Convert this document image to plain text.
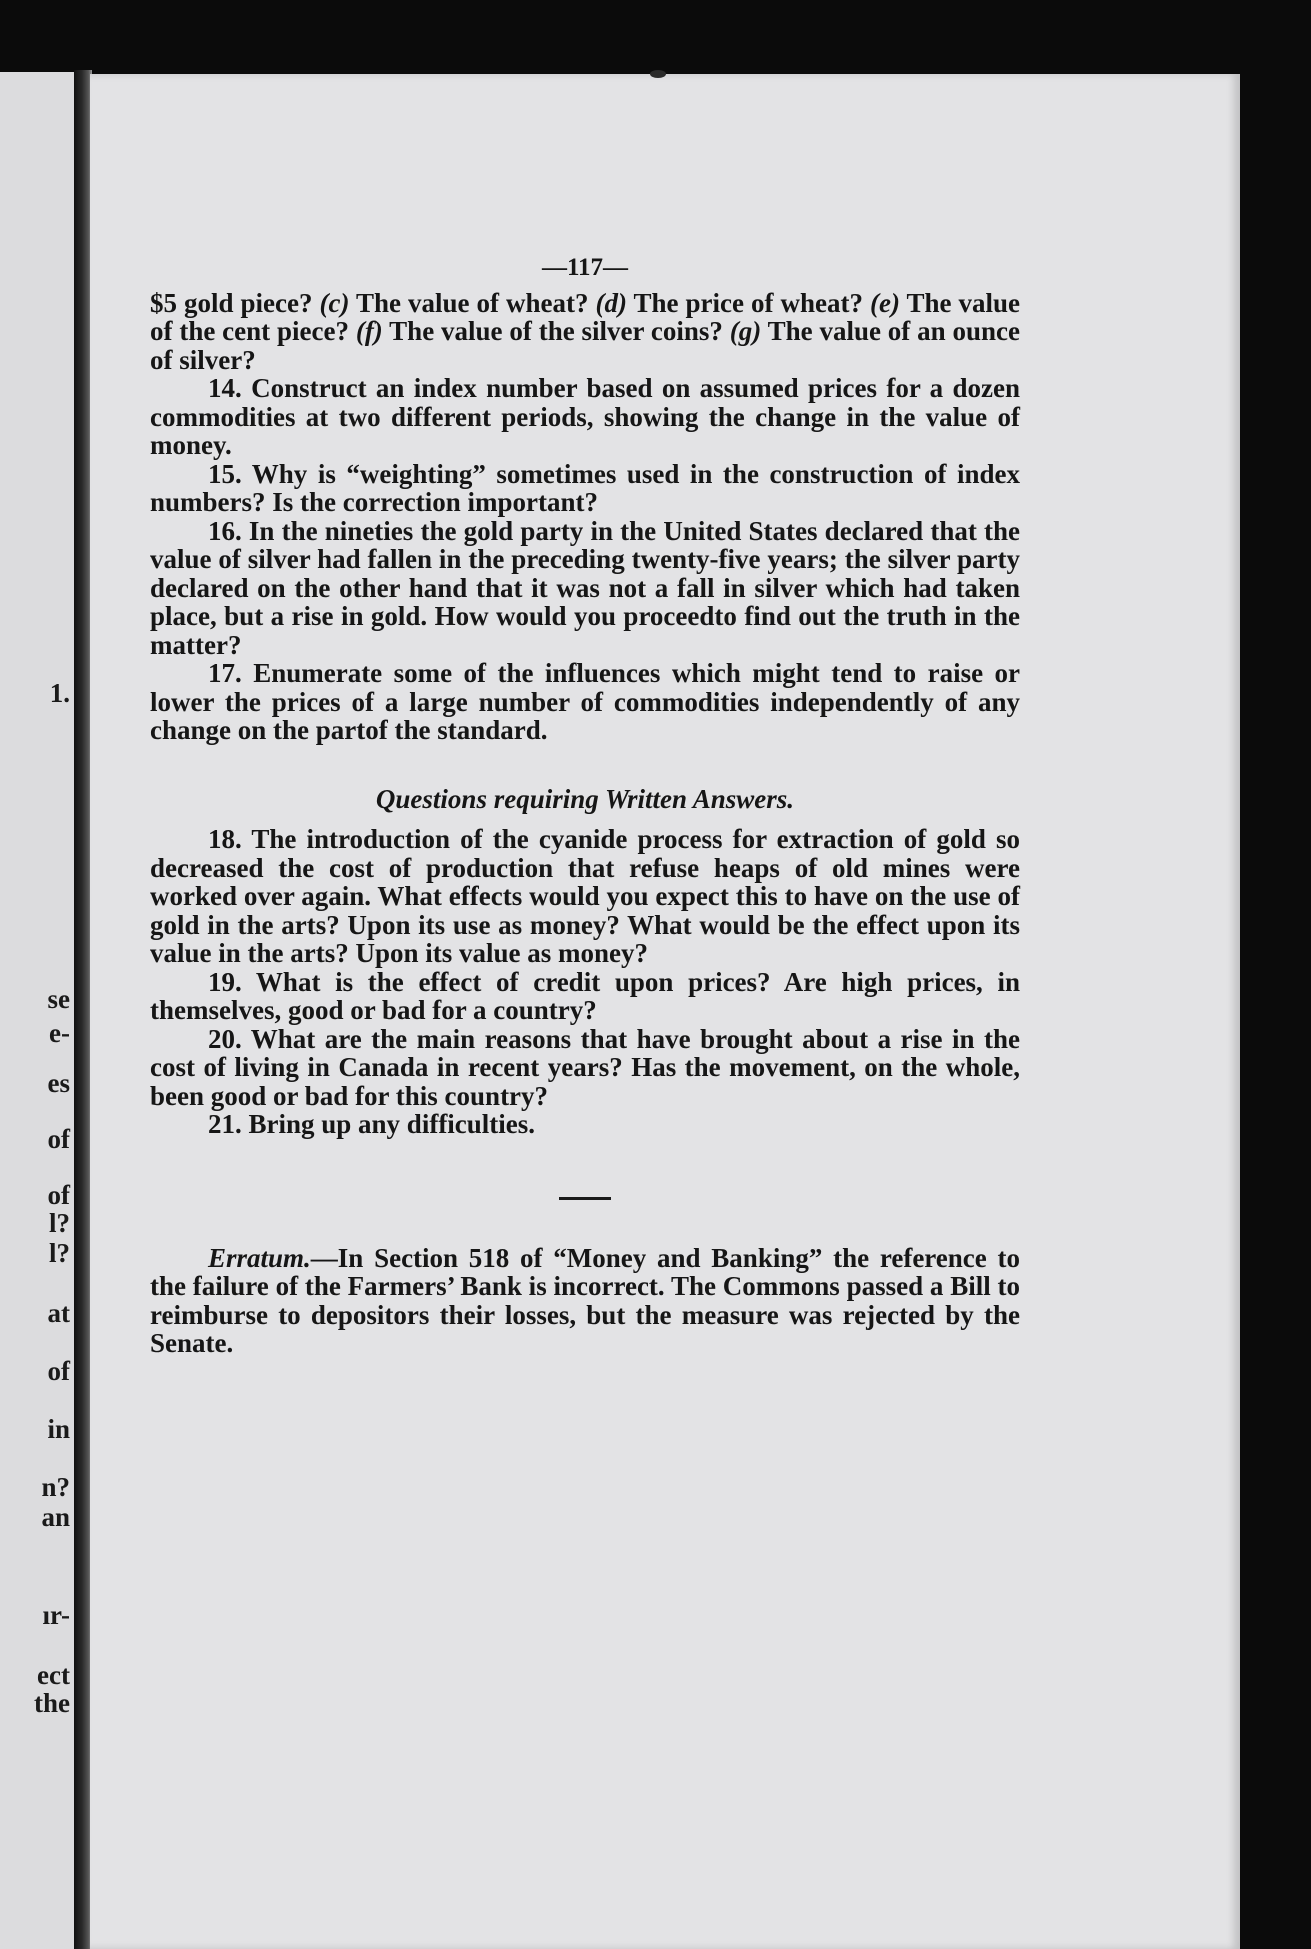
1.
se
e-
es
of
of
l?
l?
at
of
in
n?
an
ır-
ect
the
—117—

$5 gold piece? (c) The value of wheat? (d) The price of wheat? (e) The value of the cent piece? (f) The value of the silver coins? (g) The value of an ounce of silver?

14. Construct an index number based on assumed prices for a dozen commodities at two different periods, showing the change in the value of money.

15. Why is “weighting” sometimes used in the construction of index numbers? Is the correction important?

16. In the nineties the gold party in the United States declared that the value of silver had fallen in the preceding twenty-five years; the silver party declared on the other hand that it was not a fall in silver which had taken place, but a rise in gold. How would you proceedto find out the truth in the matter?

17. Enumerate some of the influences which might tend to raise or lower the prices of a large number of commodities independently of any change on the partof the standard.

Questions requiring Written Answers.

18. The introduction of the cyanide process for extraction of gold so decreased the cost of production that refuse heaps of old mines were worked over again. What effects would you expect this to have on the use of gold in the arts? Upon its use as money? What would be the effect upon its value in the arts? Upon its value as money?

19. What is the effect of credit upon prices? Are high prices, in themselves, good or bad for a country?

20. What are the main reasons that have brought about a rise in the cost of living in Canada in recent years? Has the movement, on the whole, been good or bad for this country?

21. Bring up any difficulties.

Erratum.—In Section 518 of “Money and Banking” the reference to the failure of the Farmers’ Bank is incorrect. The Commons passed a Bill to reimburse to depositors their losses, but the measure was rejected by the Senate.
